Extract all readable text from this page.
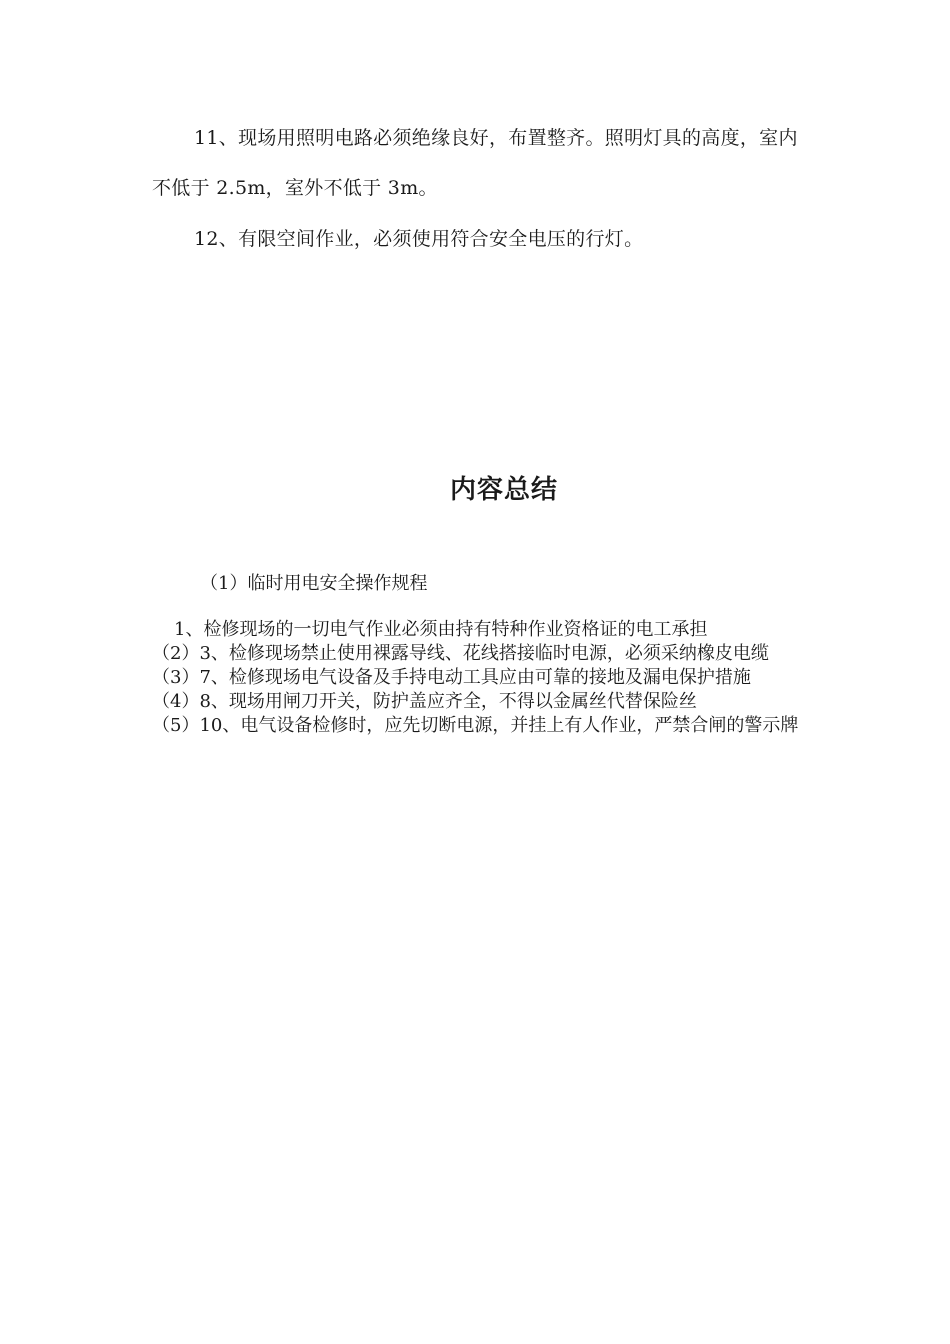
11、现场用照明电路必须绝缘良好，布置整齐。照明灯具的高度，室内不低于 2.5m，室外不低于 3m。

12、有限空间作业，必须使用符合安全电压的行灯。

内容总结

（1）临时用电安全操作规程

1、检修现场的一切电气作业必须由持有特种作业资格证的电工承担
（2）3、检修现场禁止使用裸露导线、花线搭接临时电源，必须采纳橡皮电缆
（3）7、检修现场电气设备及手持电动工具应由可靠的接地及漏电保护措施
（4）8、现场用闸刀开关，防护盖应齐全，不得以金属丝代替保险丝
（5）10、电气设备检修时，应先切断电源，并挂上有人作业，严禁合闸的警示牌
